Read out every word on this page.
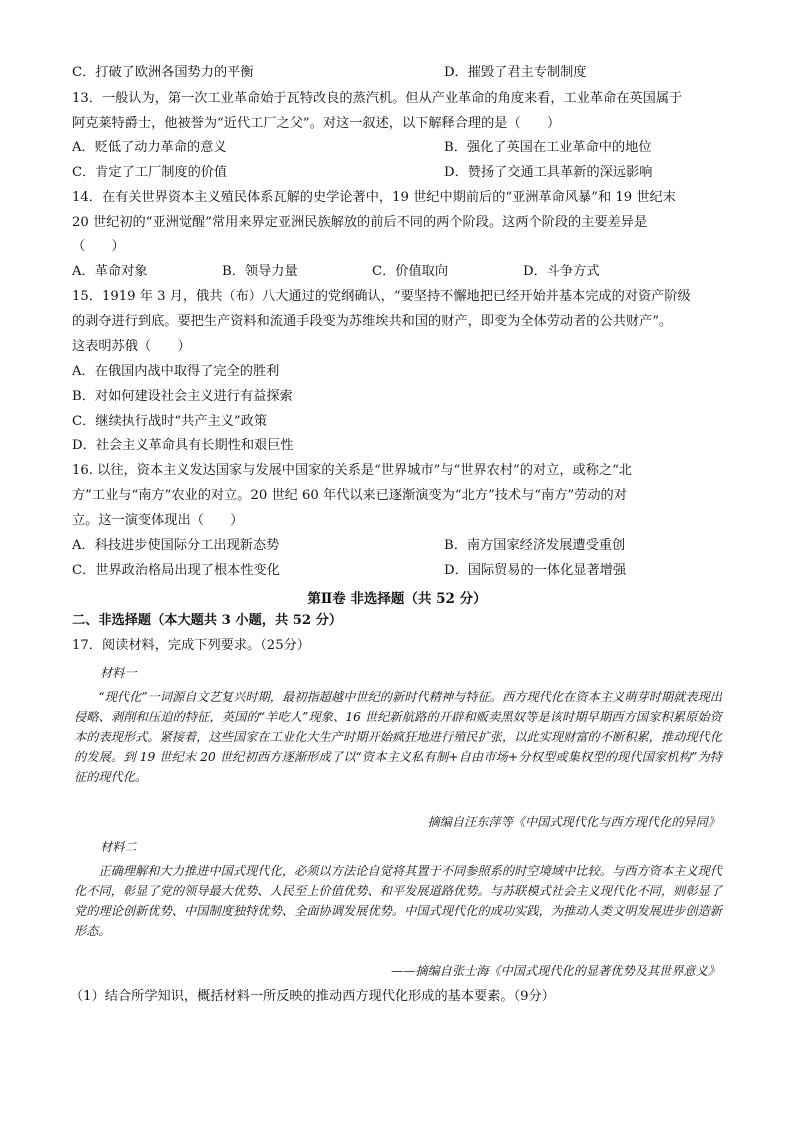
C．打破了欧洲各国势力的平衡	D．摧毁了君主专制制度
13．一般认为，第一次工业革命始于瓦特改良的蒸汽机。但从产业革命的角度来看，工业革命在英国属于
阿克莱特爵士，他被誉为“近代工厂之父”。对这一叙述，以下解释合理的是（　　）
A．贬低了动力革命的意义	B．强化了英国在工业革命中的地位
C．肯定了工厂制度的价值	D．赞扬了交通工具革新的深远影响
14．在有关世界资本主义殖民体系瓦解的史学论著中，19 世纪中期前后的“亚洲革命风暴”和 19 世纪末
20 世纪初的“亚洲觉醒”常用来界定亚洲民族解放的前后不同的两个阶段。这两个阶段的主要差异是
（　　）
A．革命对象	B．领导力量	C．价值取向	D．斗争方式
15．1919 年 3 月，俄共（布）八大通过的党纲确认，“要坚持不懈地把已经开始并基本完成的对资产阶级
的剥夺进行到底。要把生产资料和流通手段变为苏维埃共和国的财产，即变为全体劳动者的公共财产”。
这表明苏俄（　　）
A．在俄国内战中取得了完全的胜利
B．对如何建设社会主义进行有益探索
C．继续执行战时“共产主义”政策
D．社会主义革命具有长期性和艰巨性
16. 以往，资本主义发达国家与发展中国家的关系是“世界城市”与“世界农村”的对立，或称之“北
方”工业与“南方”农业的对立。20 世纪 60 年代以来已逐渐演变为“北方”技术与“南方”劳动的对
立。这一演变体现出（　　）
A．科技进步使国际分工出现新态势	B．南方国家经济发展遭受重创
C．世界政治格局出现了根本性变化	D．国际贸易的一体化显著增强
第Ⅱ卷 非选择题（共 52 分）
二、非选择题（本大题共 3 小题，共 52 分）
17．阅读材料，完成下列要求。（25分）
材料一

“现代化”一词源自文艺复兴时期，最初指超越中世纪的新时代精神与特征。西方现代化在资本主义萌芽时期就表现出侵略、剥削和压迫的特征，英国的“羊吃人”现象、16 世纪新航路的开辟和贩卖黑奴等是该时期早期西方国家积累原始资本的表现形式。紧接着，这些国家在工业化大生产时期开始疯狂地进行殖民扩张，以此实现财富的不断积累，推动现代化的发展。到 19 世纪末 20 世纪初西方逐渐形成了以“资本主义私有制+自由市场+分权型或集权型的现代国家机构”为特征的现代化。

摘编自汪东萍等《中国式现代化与西方现代化的异同》
材料二

正确理解和大力推进中国式现代化，必须以方法论自觉将其置于不同参照系的时空境域中比较。与西方资本主义现代化不同，彰显了党的领导最大优势、人民至上价值优势、和平发展道路优势。与苏联模式社会主义现代化不同，则彰显了党的理论创新优势、中国制度独特优势、全面协调发展优势。中国式现代化的成功实践，为推动人类文明发展进步创造新形态。

——摘编自张士海《中国式现代化的显著优势及其世界意义》
（1）结合所学知识，概括材料一所反映的推动西方现代化形成的基本要素。（9分）
